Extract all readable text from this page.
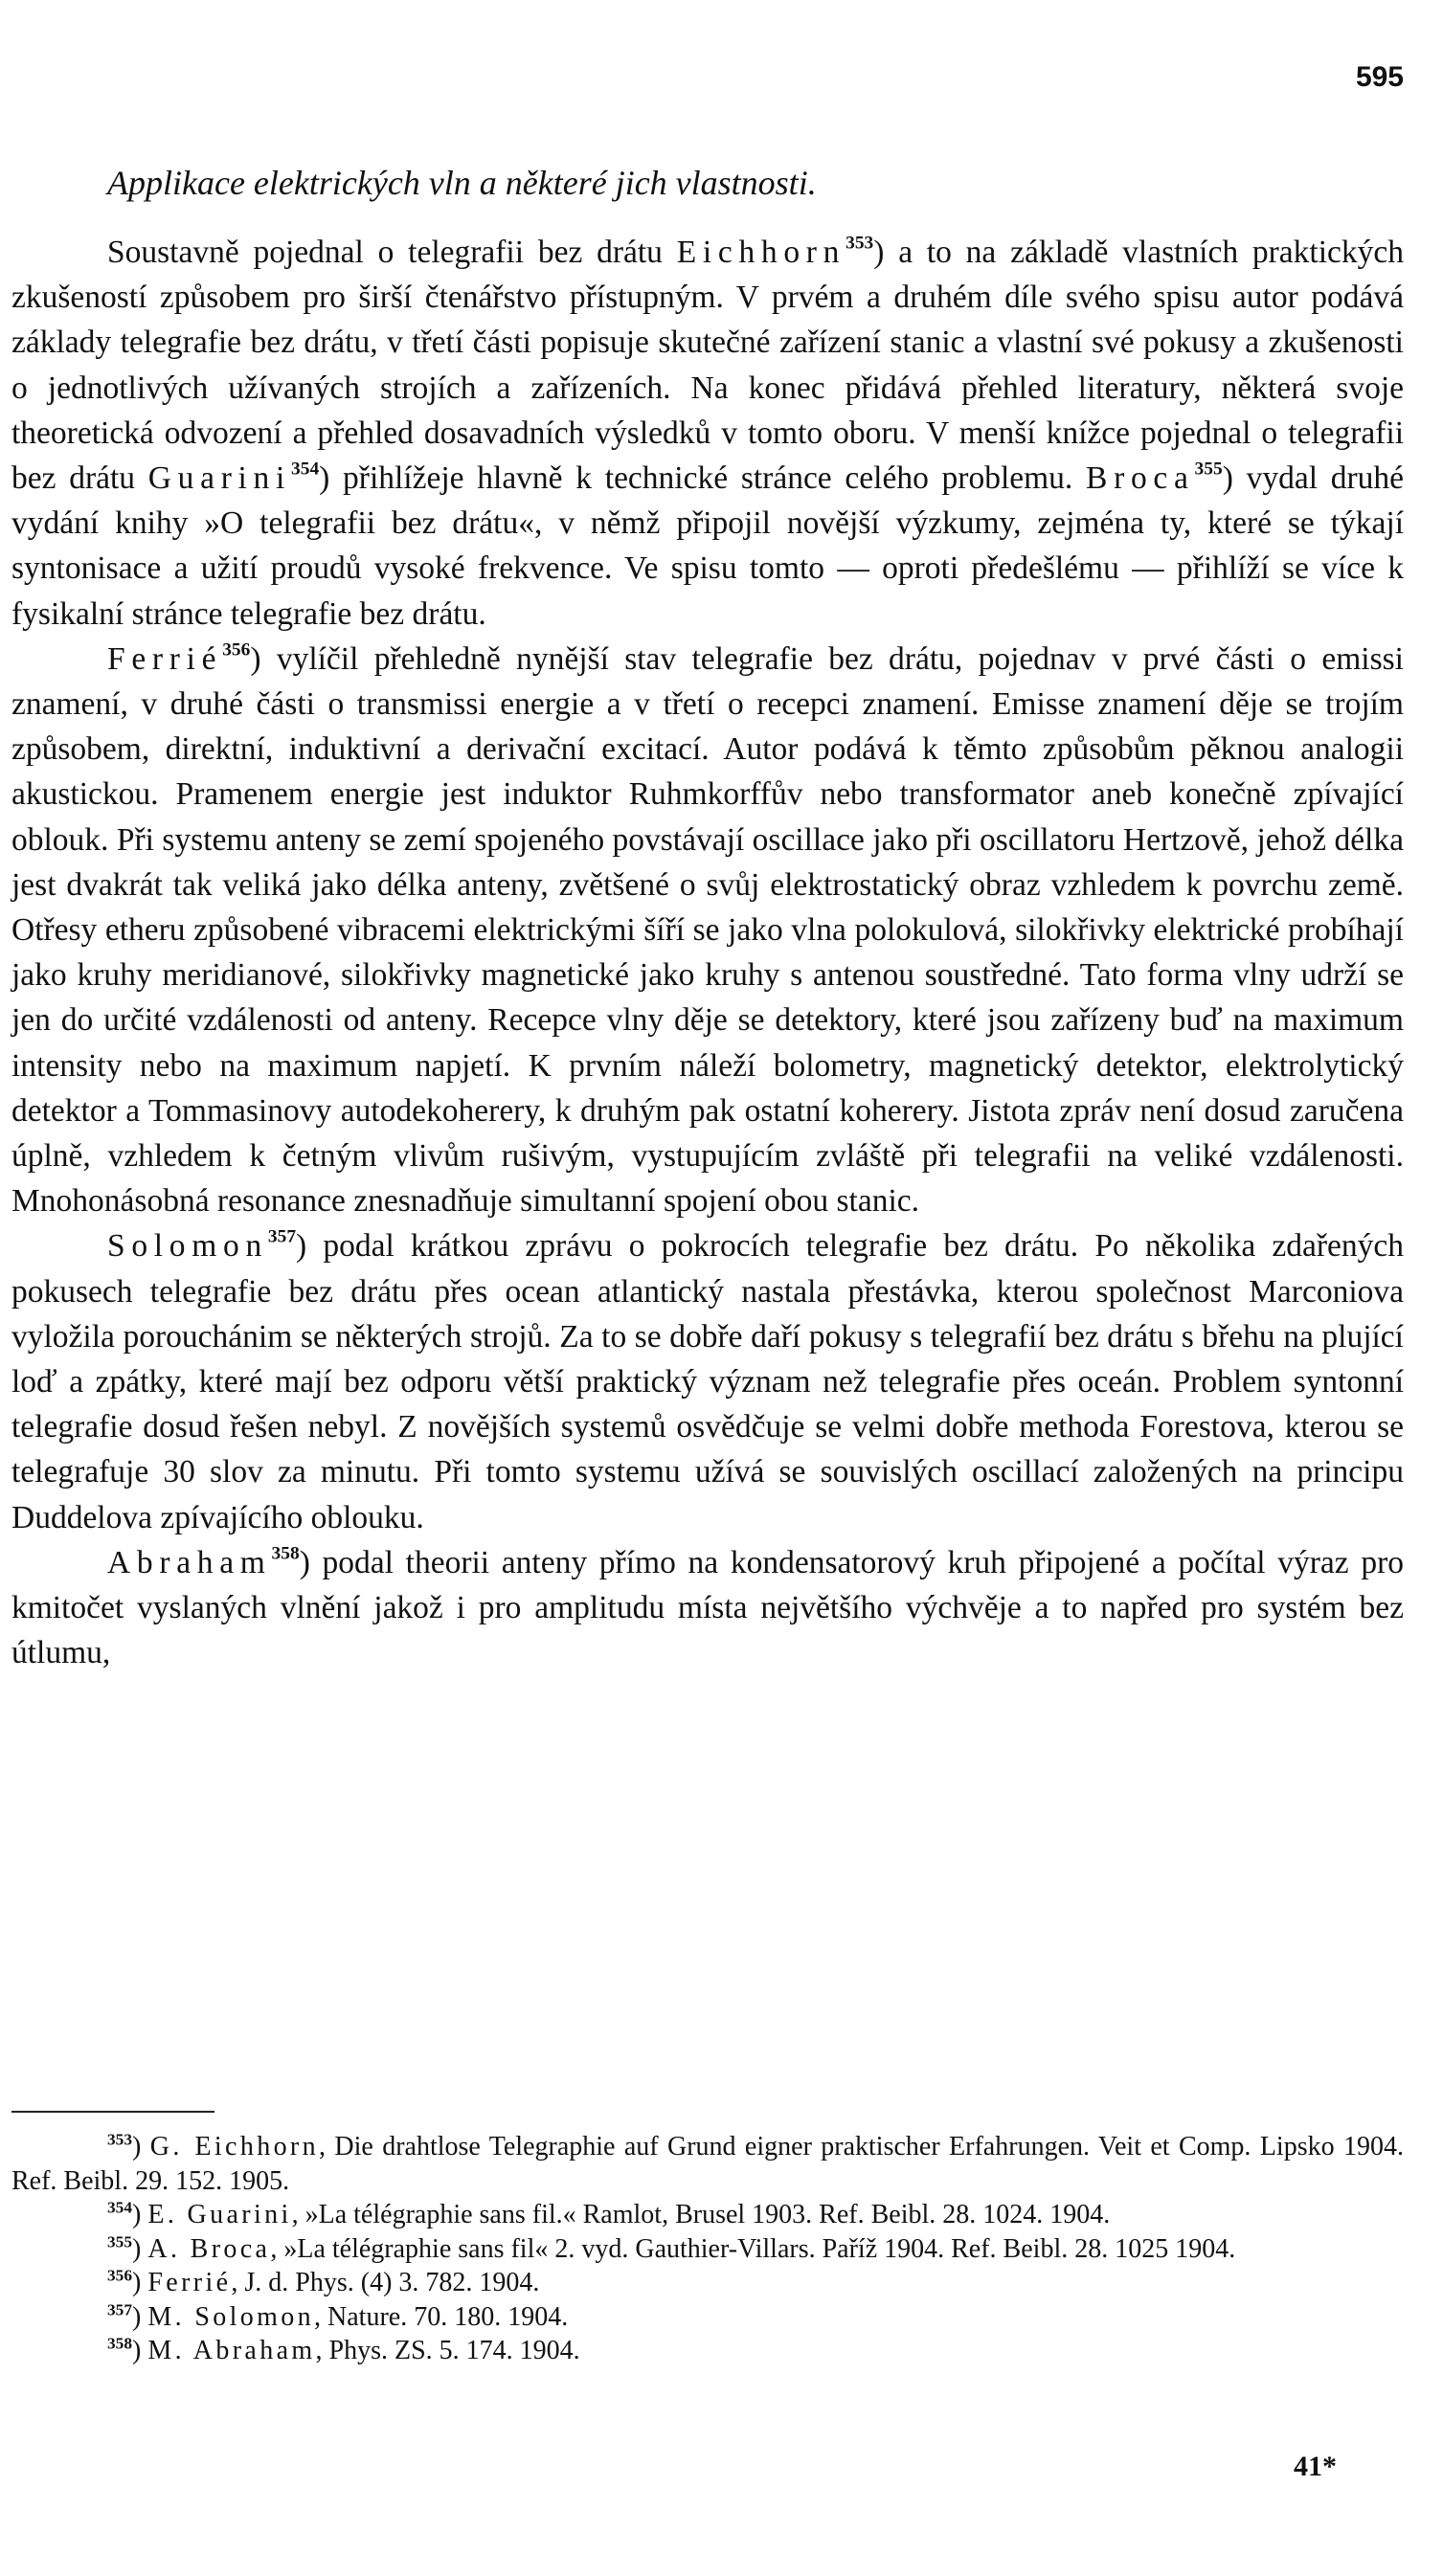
595
Applikace elektrických vln a některé jich vlastnosti.

Soustavně pojednal o telegrafii bez drátu Eichhorn$^{353}$) a to na základě vlastních praktických zkušeností způsobem pro širší čtenářstvo přístupným. V prvém a druhém díle svého spisu autor podává základy telegrafie bez drátu, v třetí části popisuje skutečné zařízení stanic a vlastní své pokusy a zkušenosti o jednotlivých užívaných strojích a zařízeních. Na konec přidává přehled literatury, některá svoje theoretická odvození a přehled dosavadních výsledků v tomto oboru. V menší knížce pojednal o telegrafii bez drátu Guarini$^{354}$) přihlížeje hlavně k technické stránce celého problemu. Broca$^{355}$) vydal druhé vydání knihy »O telegrafii bez drátu«, v němž připojil novější výzkumy, zejména ty, které se týkají syntonisace a užití proudů vysoké frekvence. Ve spisu tomto — oproti předešlému — přihlíží se více k fysikalní stránce telegrafie bez drátu.

Ferrié$^{356}$) vylíčil přehledně nynější stav telegrafie bez drátu, pojednav v prvé části o emissi znamení, v druhé části o transmissi energie a v třetí o recepci znamení. Emisse znamení děje se trojím způsobem, direktní, induktivní a derivační excitací. Autor podává k těmto způsobům pěknou analogii akustickou. Pramenem energie jest induktor Ruhmkorffův nebo transformator aneb konečně zpívající oblouk. Při systemu anteny se zemí spojeného povstávají oscillace jako při oscillatoru Hertzově, jehož délka jest dvakrát tak veliká jako délka anteny, zvětšené o svůj elektrostatický obraz vzhledem k povrchu země. Otřesy etheru způsobené vibracemi elektrickými šíří se jako vlna polokulová, silokřivky elektrické probíhají jako kruhy meridianové, silokřivky magnetické jako kruhy s antenou soustředné. Tato forma vlny udrží se jen do určité vzdálenosti od anteny. Recepce vlny děje se detektory, které jsou zařízeny buď na maximum intensity nebo na maximum napjetí. K prvním náleží bolometry, magnetický detektor, elektrolytický detektor a Tommasinovy autodekoherery, k druhým pak ostatní koherery. Jistota zpráv není dosud zaručena úplně, vzhledem k četným vlivům rušivým, vystupujícím zvláště při telegrafii na veliké vzdálenosti. Mnohonásobná resonance znesnadňuje simultanní spojení obou stanic.

Solomon$^{357}$) podal krátkou zprávu o pokrocích telegrafie bez drátu. Po několika zdařených pokusech telegrafie bez drátu přes ocean atlantický nastala přestávka, kterou společnost Marconiova vyložila porouchánim se některých strojů. Za to se dobře daří pokusy s telegrafií bez drátu s břehu na plující loď a zpátky, které mají bez odporu větší praktický význam než telegrafie přes oceán. Problem syntonní telegrafie dosud řešen nebyl. Z novějších systemů osvědčuje se velmi dobře methoda Forestova, kterou se telegrafuje 30 slov za minutu. Při tomto systemu užívá se souvislých oscillací založených na principu Duddelova zpívajícího oblouku.

Abraham$^{358}$) podal theorii anteny přímo na kondensatorový kruh připojené a počítal výraz pro kmitočet vyslaných vlnění jakož i pro amplitudu místa největšího výchvěje a to napřed pro systém bez útlumu,

$^{353}$) G. Eichhorn, Die drahtlose Telegraphie auf Grund eigner praktischer Erfahrungen. Veit et Comp. Lipsko 1904. Ref. Beibl. 29. 152. 1905.

$^{354}$) E. Guarini, »La télégraphie sans fil.« Ramlot, Brusel 1903. Ref. Beibl. 28. 1024. 1904.

$^{355}$) A. Broca, »La télégraphie sans fil« 2. vyd. Gauthier-Villars. Paříž 1904. Ref. Beibl. 28. 1025 1904.

$^{356}$) Ferrié, J. d. Phys. (4) 3. 782. 1904.

$^{357}$) M. Solomon, Nature. 70. 180. 1904.

$^{358}$) M. Abraham, Phys. ZS. 5. 174. 1904.

41*
